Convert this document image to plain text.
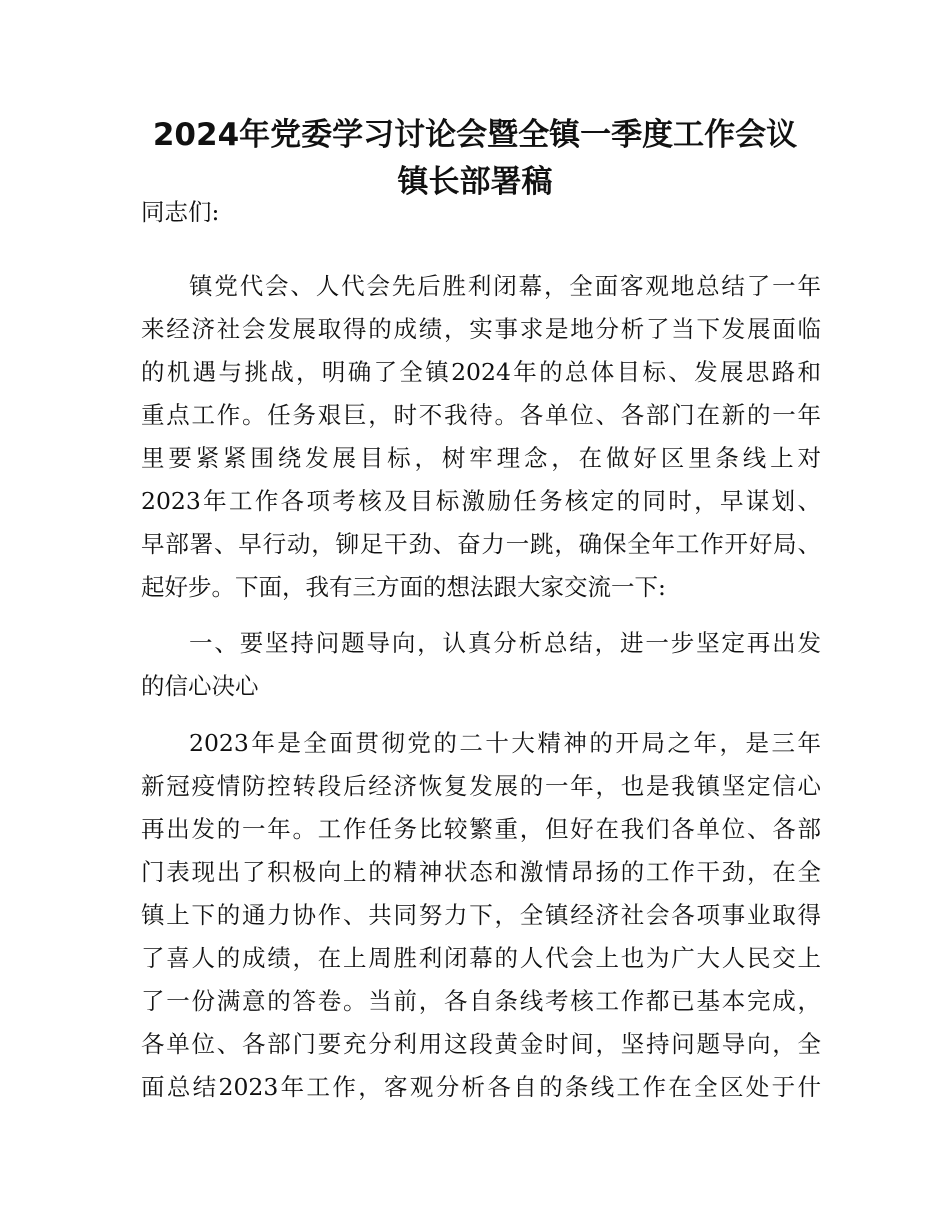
2024年党委学习讨论会暨全镇一季度工作会议
镇长部署稿
同志们:
镇党代会、人代会先后胜利闭幕，全面客观地总结了一年
来经济社会发展取得的成绩，实事求是地分析了当下发展面临
的机遇与挑战，明确了全镇2024年的总体目标、发展思路和
重点工作。任务艰巨，时不我待。各单位、各部门在新的一年
里要紧紧围绕发展目标，树牢理念，在做好区里条线上对
2023年工作各项考核及目标激励任务核定的同时，早谋划、
早部署、早行动，铆足干劲、奋力一跳，确保全年工作开好局、
起好步。下面，我有三方面的想法跟大家交流一下:
一、要坚持问题导向，认真分析总结，进一步坚定再出发
的信心决心
2023年是全面贯彻党的二十大精神的开局之年，是三年
新冠疫情防控转段后经济恢复发展的一年，也是我镇坚定信心
再出发的一年。工作任务比较繁重，但好在我们各单位、各部
门表现出了积极向上的精神状态和激情昂扬的工作干劲，在全
镇上下的通力协作、共同努力下，全镇经济社会各项事业取得
了喜人的成绩，在上周胜利闭幕的人代会上也为广大人民交上
了一份满意的答卷。当前，各自条线考核工作都已基本完成，
各单位、各部门要充分利用这段黄金时间，坚持问题导向，全
面总结2023年工作，客观分析各自的条线工作在全区处于什
